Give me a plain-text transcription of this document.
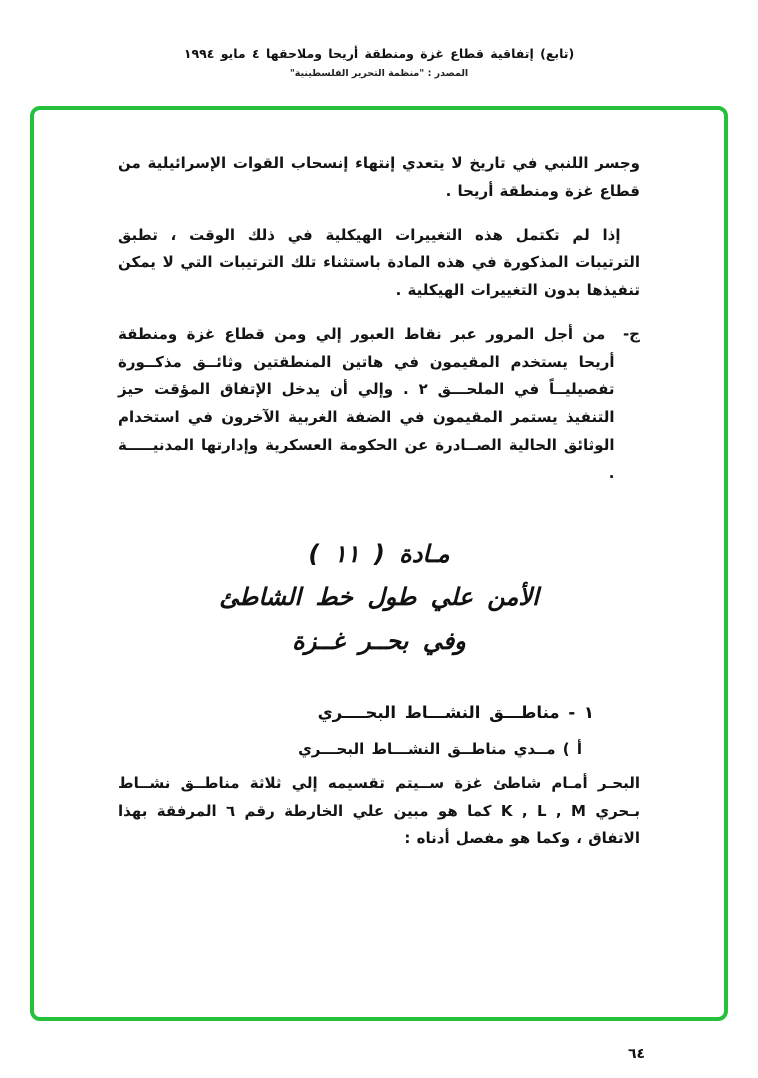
(تابع) إتفاقية قطاع غزة ومنطقة أريحا وملاحقها ٤ مايو ١٩٩٤
المصدر : "منظمة التحرير الفلسطينية"

وجسر اللنبي في تاريخ لا يتعدي إنتهاء إنسحاب القوات الإسرائيلية من قطاع غزة ومنطقة أريحا .

إذا لم تكتمل هذه التغييرات الهيكلية في ذلك الوقت ، تطبق الترتيبات المذكورة في هذه المادة باستثناء تلك الترتيبات التي لا يمكن تنفيذها بدون التغييرات الهيكلية .

ج- من أجل المرور عبر نقاط العبور إلي ومن قطاع غزة ومنطقة أريحا يستخدم المقيمون في هاتين المنطقتين وثائــق مذكــورة تفصيليــاً في الملحـــق ٢ . وإلي أن يدخل الإتفاق المؤقت حيز التنفيذ يستمر المقيمون في الضفة الغربية الآخرون في استخدام الوثائق الحالية الصــادرة عن الحكومة العسكرية وإدارتها المدنيـــــة .

مـادة ( ١١ )
الأمن علي طول خط الشاطئ
وفي بحــر غــزة
١ - مناطـــق النشـــاط البحــــري
أ ) مــدي مناطــق النشـــاط البحـــري

البحـر أمـام شاطئ غزة ســيتم تقسيمه إلي ثلاثة مناطــق نشــاط بـحري K , L , M كما هو مبين علي الخارطة رقم ٦ المرفقة بهذا الاتفاق ، وكما هو مفصل أدناه :

٦٤
